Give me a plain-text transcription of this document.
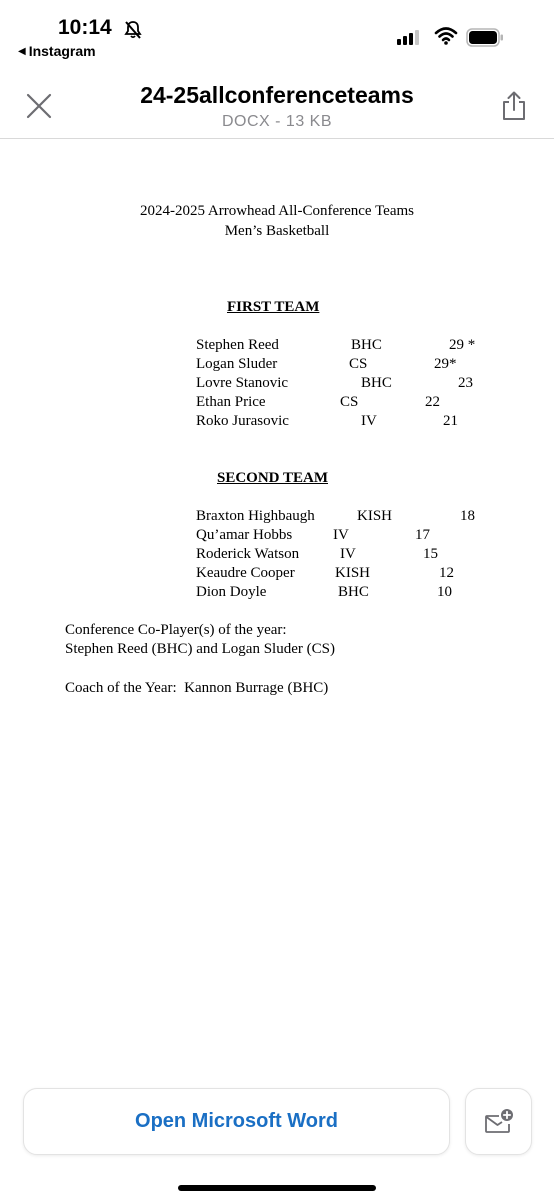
10:14
◀ Instagram
24-25allconferenceteams
DOCX - 13 KB
2024-2025 Arrowhead All-Conference Teams
Men’s Basketball
FIRST TEAM
Stephen Reed	BHC	29 *
Logan Sluder	CS	29*
Lovre Stanovic	BHC	23
Ethan Price	CS	22
Roko Jurasovic	IV	21
SECOND TEAM
Braxton Highbaugh	KISH	18
Qu’amar Hobbs	IV	17
Roderick Watson	IV	15
Keaudre Cooper	KISH	12
Dion Doyle	BHC	10
Conference Co-Player(s) of the year:
Stephen Reed (BHC) and Logan Sluder (CS)
Coach of the Year:  Kannon Burrage (BHC)
Open Microsoft Word
